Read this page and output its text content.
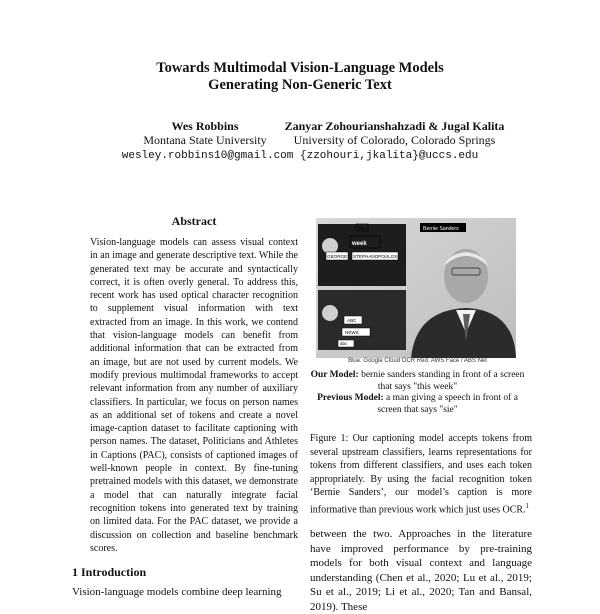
Towards Multimodal Vision-Language Models
Generating Non-Generic Text
Wes Robbins
Montana State University
Zanyar Zohourianshahzadi & Jugal Kalita
University of Colorado, Colorado Springs
wesley.robbins10@gmail.com {zzohouri,jkalita}@uccs.edu
Abstract
Vision-language models can assess visual context in an image and generate descriptive text. While the generated text may be accurate and syntactically correct, it is often overly general. To address this, recent work has used optical character recognition to supplement visual information with text extracted from an image. In this work, we contend that vision-language models can benefit from additional information that can be extracted from an image, but are not used by current models. We modify previous multimodal frameworks to accept relevant information from any number of auxiliary classifiers. In particular, we focus on person names as an additional set of tokens and create a novel image-caption dataset to facilitate captioning with person names. The dataset, Politicians and Athletes in Captions (PAC), consists of captioned images of well-known people in context. By fine-tuning pretrained models with this dataset, we demonstrate a model that can naturally integrate facial recognition tokens into generated text by training on limited data. For the PAC dataset, we provide a discussion on collection and baseline benchmark scores.
1 Introduction
Vision-language models combine deep learning
this
week
Bernie Sanders
GEORGE STEPHANOPOULOS
ABC
NEWS
abc
Blue: Google Cloud OCR Red: AWS Face / ABS Net
Our Model: bernie sanders standing in front of a screen
that says "this week"
Previous Model: a man giving a speech in front of a
screen that says "sie"
Figure 1: Our captioning model accepts tokens from several upstream classifiers, learns representations for tokens from different classifiers, and uses each token appropriately. By using the facial recognition token ‘Bernie Sanders’, our model’s caption is more informative than previous work which just uses OCR.$^1$
between the two. Approaches in the literature have improved performance by pre-training models for both visual context and language understanding (Chen et al., 2020; Lu et al., 2019; Su et al., 2019; Li et al., 2020; Tan and Bansal, 2019). These
